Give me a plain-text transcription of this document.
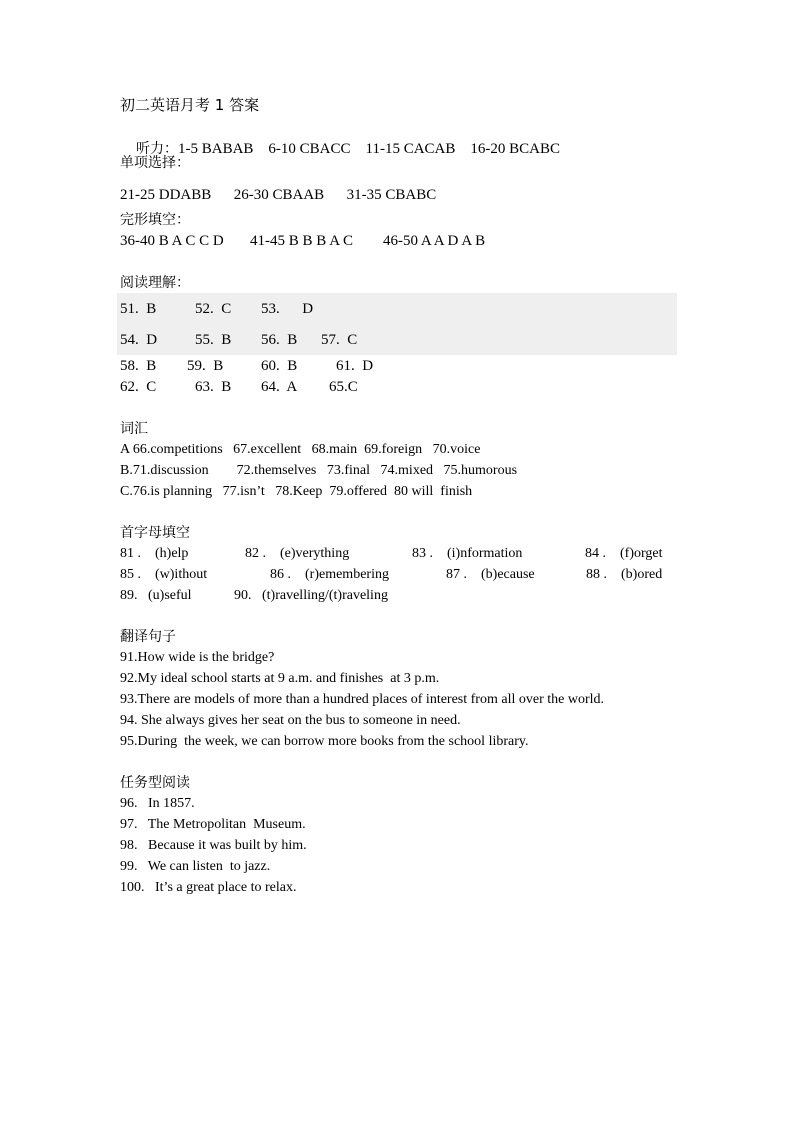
初二英语月考 1 答案

听力：1-5 BABAB    6-10 CBACC    11-15 CACAB    16-20 BCABC

单项选择：
21-25 DDABB      26-30 CBAAB      31-35 CBABC
完形填空：
36-40 B A C C D       41-45 B B B A C        46-50 A A D A B
阅读理解：
51.  B	52.  C 53.      D
54.  D	55.  B 56.  B 57.  C
58.  B 59.  B	60.  B	61.  D
62.  C	63.  B 64.  A 65.C
词汇
A 66.competitions   67.excellent   68.main  69.foreign   70.voice
B.71.discussion        72.themselves   73.final   74.mixed   75.humorous
C.76.is planning   77.isn’t   78.Keep  79.offered  80 will  finish
首字母填空
81 .    (h)elp	82 .    (e)verything	83 .    (i)nformation	84 .    (f)orget
85 .    (w)ithout	86 .    (r)emembering	87 .    (b)ecause	88 .    (b)ored
89.   (u)seful	90.   (t)ravelling/(t)raveling
翻译句子
91.How wide is the bridge?
92.My ideal school starts at 9 a.m. and finishes  at 3 p.m.
93.There are models of more than a hundred places of interest from all over the world.
94. She always gives her seat on the bus to someone in need.
95.During  the week, we can borrow more books from the school library.
任务型阅读
96.   In 1857.
97.   The Metropolitan  Museum.
98.   Because it was built by him.
99.   We can listen  to jazz.
100.   It’s a great place to relax.
